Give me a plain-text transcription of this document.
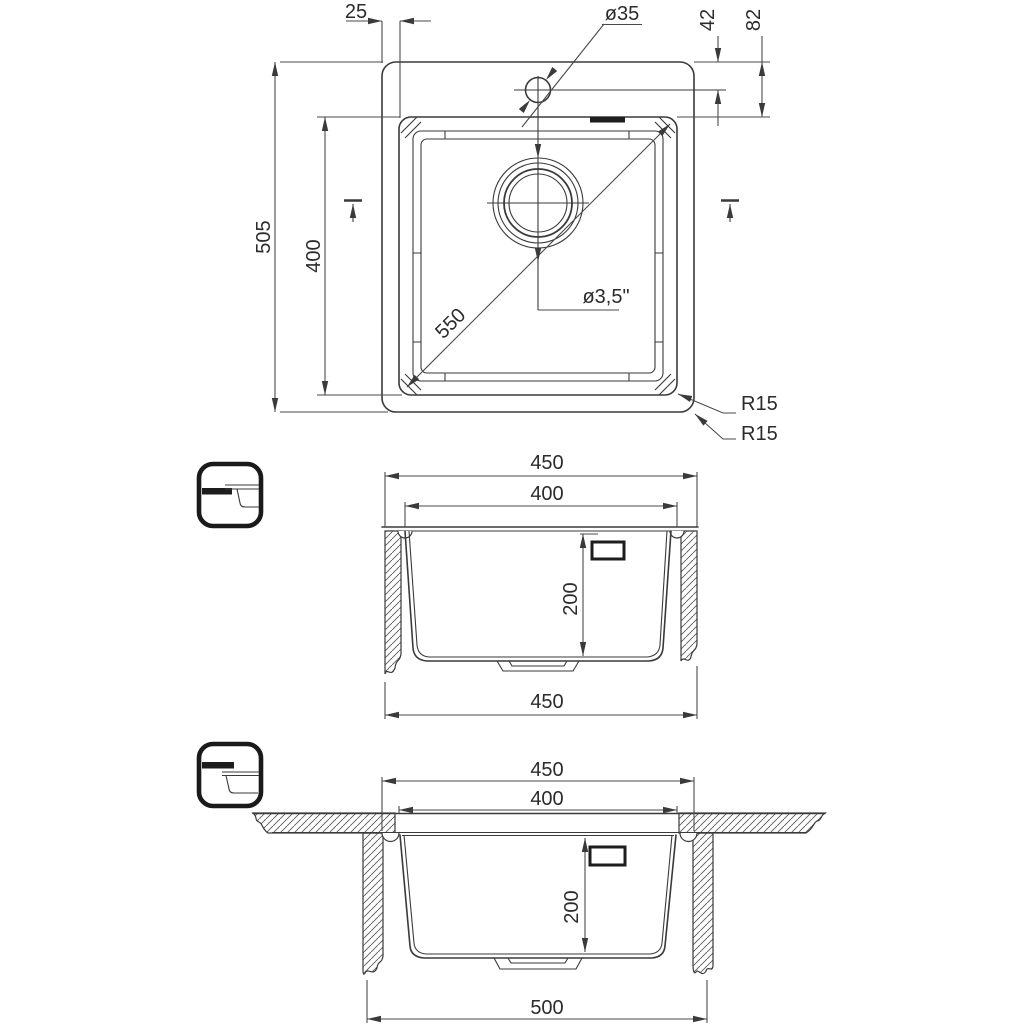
25	ø35	42 82
505
400
550
ø3,5"
R15
R15
450
400
200
450
450
400
200
500
